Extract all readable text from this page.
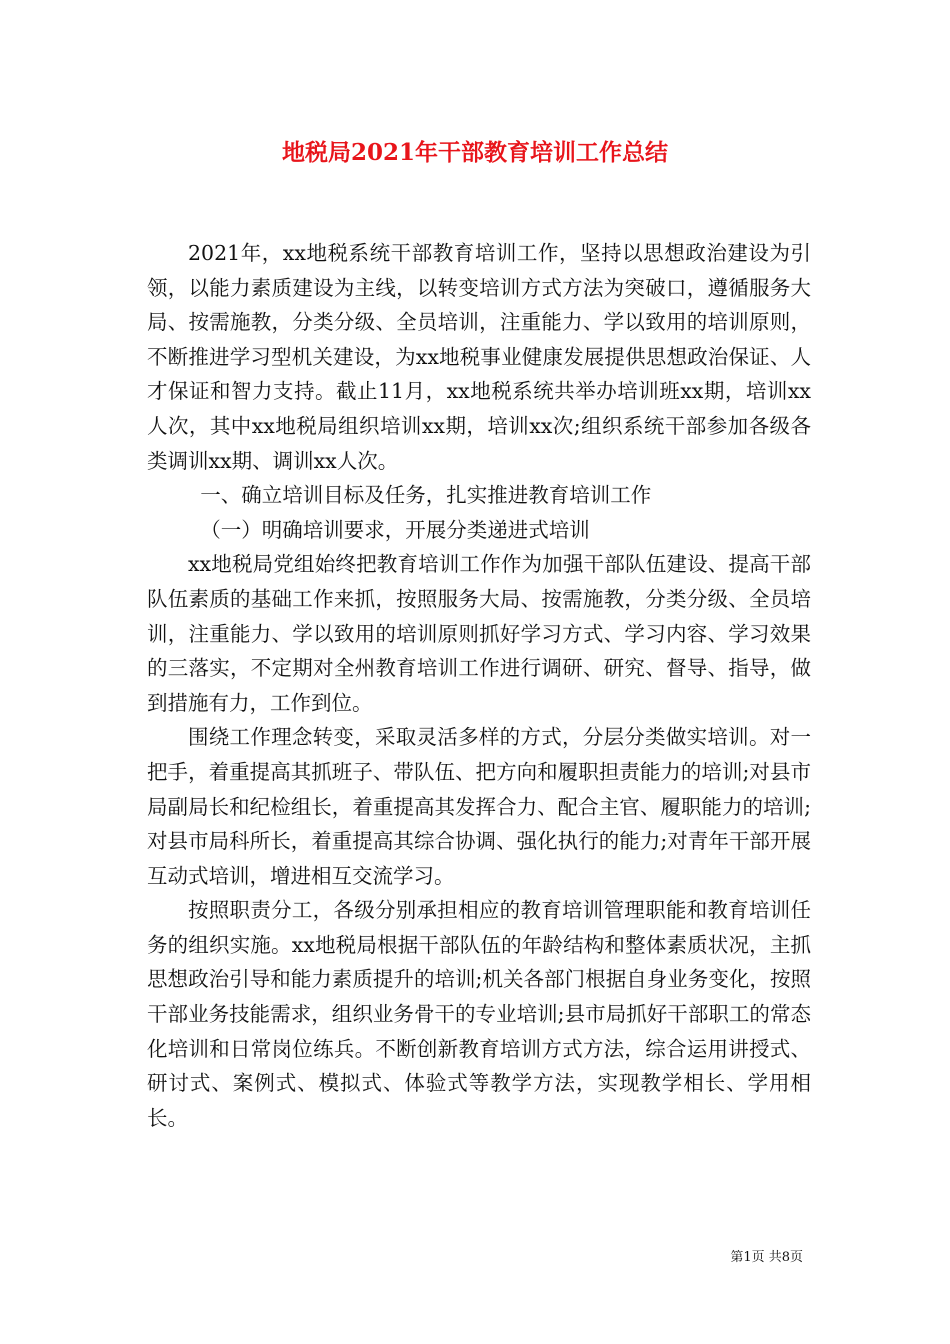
地税局2021年干部教育培训工作总结

2021年，xx地税系统干部教育培训工作，坚持以思想政治建设为引领，以能力素质建设为主线，以转变培训方式方法为突破口，遵循服务大局、按需施教，分类分级、全员培训，注重能力、学以致用的培训原则，不断推进学习型机关建设，为xx地税事业健康发展提供思想政治保证、人才保证和智力支持。截止11月，xx地税系统共举办培训班xx期，培训xx人次，其中xx地税局组织培训xx期，培训xx次;组织系统干部参加各级各类调训xx期、调训xx人次。

一、确立培训目标及任务，扎实推进教育培训工作

（一）明确培训要求，开展分类递进式培训

xx地税局党组始终把教育培训工作作为加强干部队伍建设、提高干部队伍素质的基础工作来抓，按照服务大局、按需施教，分类分级、全员培训，注重能力、学以致用的培训原则抓好学习方式、学习内容、学习效果的三落实，不定期对全州教育培训工作进行调研、研究、督导、指导，做到措施有力，工作到位。

围绕工作理念转变，采取灵活多样的方式，分层分类做实培训。对一把手，着重提高其抓班子、带队伍、把方向和履职担责能力的培训;对县市局副局长和纪检组长，着重提高其发挥合力、配合主官、履职能力的培训;对县市局科所长，着重提高其综合协调、强化执行的能力;对青年干部开展互动式培训，增进相互交流学习。

按照职责分工，各级分别承担相应的教育培训管理职能和教育培训任务的组织实施。xx地税局根据干部队伍的年龄结构和整体素质状况，主抓思想政治引导和能力素质提升的培训;机关各部门根据自身业务变化，按照干部业务技能需求，组织业务骨干的专业培训;县市局抓好干部职工的常态化培训和日常岗位练兵。不断创新教育培训方式方法，综合运用讲授式、研讨式、案例式、模拟式、体验式等教学方法，实现教学相长、学用相长。

第1页 共8页
